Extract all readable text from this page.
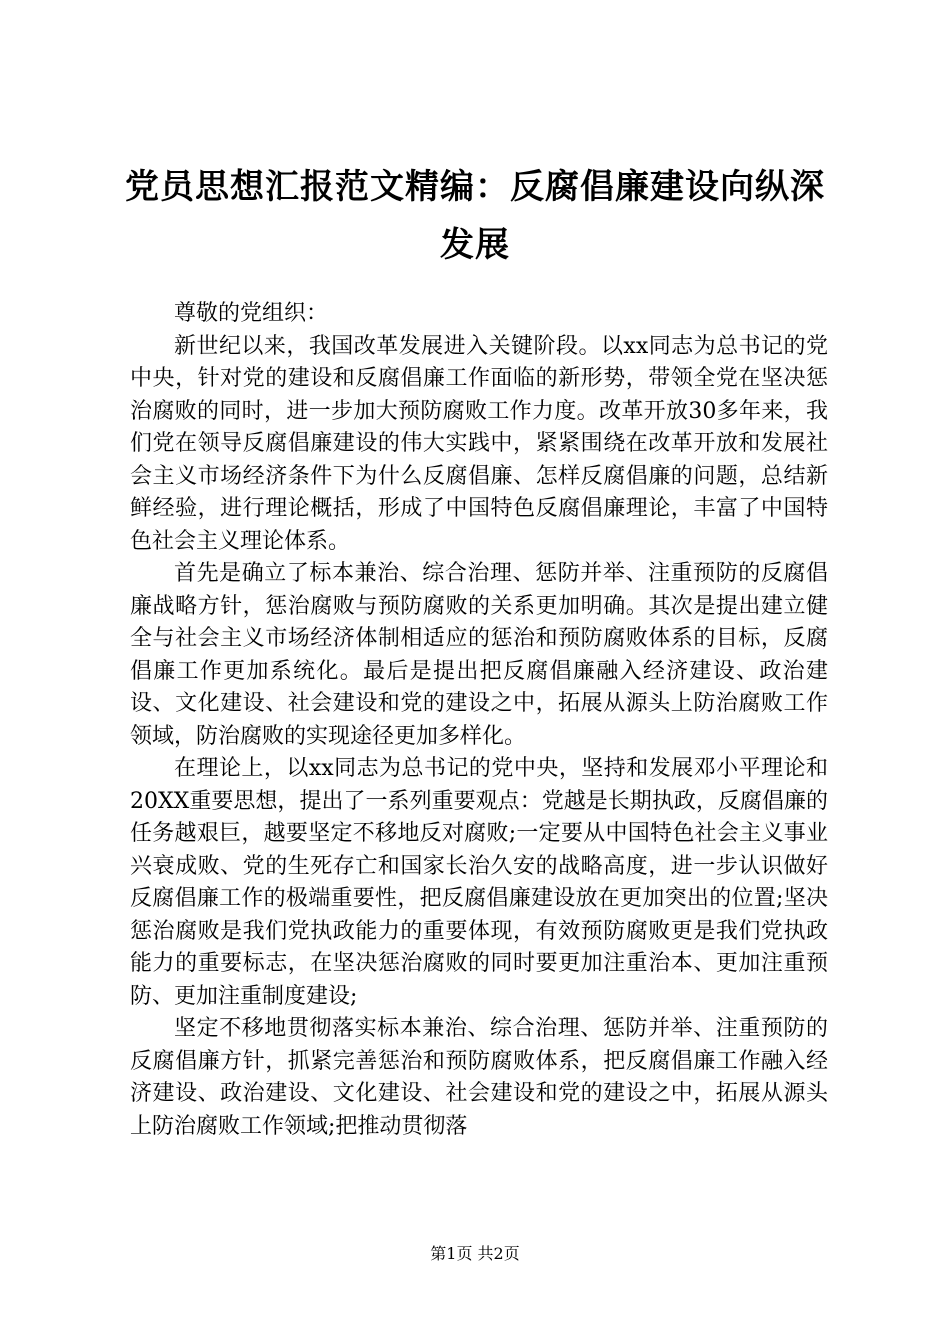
党员思想汇报范文精编：反腐倡廉建设向纵深发展

尊敬的党组织：

新世纪以来，我国改革发展进入关键阶段。以xx同志为总书记的党中央，针对党的建设和反腐倡廉工作面临的新形势，带领全党在坚决惩治腐败的同时，进一步加大预防腐败工作力度。改革开放30多年来，我们党在领导反腐倡廉建设的伟大实践中，紧紧围绕在改革开放和发展社会主义市场经济条件下为什么反腐倡廉、怎样反腐倡廉的问题，总结新鲜经验，进行理论概括，形成了中国特色反腐倡廉理论，丰富了中国特色社会主义理论体系。

首先是确立了标本兼治、综合治理、惩防并举、注重预防的反腐倡廉战略方针，惩治腐败与预防腐败的关系更加明确。其次是提出建立健全与社会主义市场经济体制相适应的惩治和预防腐败体系的目标，反腐倡廉工作更加系统化。最后是提出把反腐倡廉融入经济建设、政治建设、文化建设、社会建设和党的建设之中，拓展从源头上防治腐败工作领域，防治腐败的实现途径更加多样化。

在理论上，以xx同志为总书记的党中央，坚持和发展邓小平理论和20XX重要思想，提出了一系列重要观点：党越是长期执政，反腐倡廉的任务越艰巨，越要坚定不移地反对腐败;一定要从中国特色社会主义事业兴衰成败、党的生死存亡和国家长治久安的战略高度，进一步认识做好反腐倡廉工作的极端重要性，把反腐倡廉建设放在更加突出的位置;坚决惩治腐败是我们党执政能力的重要体现，有效预防腐败更是我们党执政能力的重要标志，在坚决惩治腐败的同时要更加注重治本、更加注重预防、更加注重制度建设;

坚定不移地贯彻落实标本兼治、综合治理、惩防并举、注重预防的反腐倡廉方针，抓紧完善惩治和预防腐败体系，把反腐倡廉工作融入经济建设、政治建设、文化建设、社会建设和党的建设之中，拓展从源头上防治腐败工作领域;把推动贯彻落

第1页 共2页
